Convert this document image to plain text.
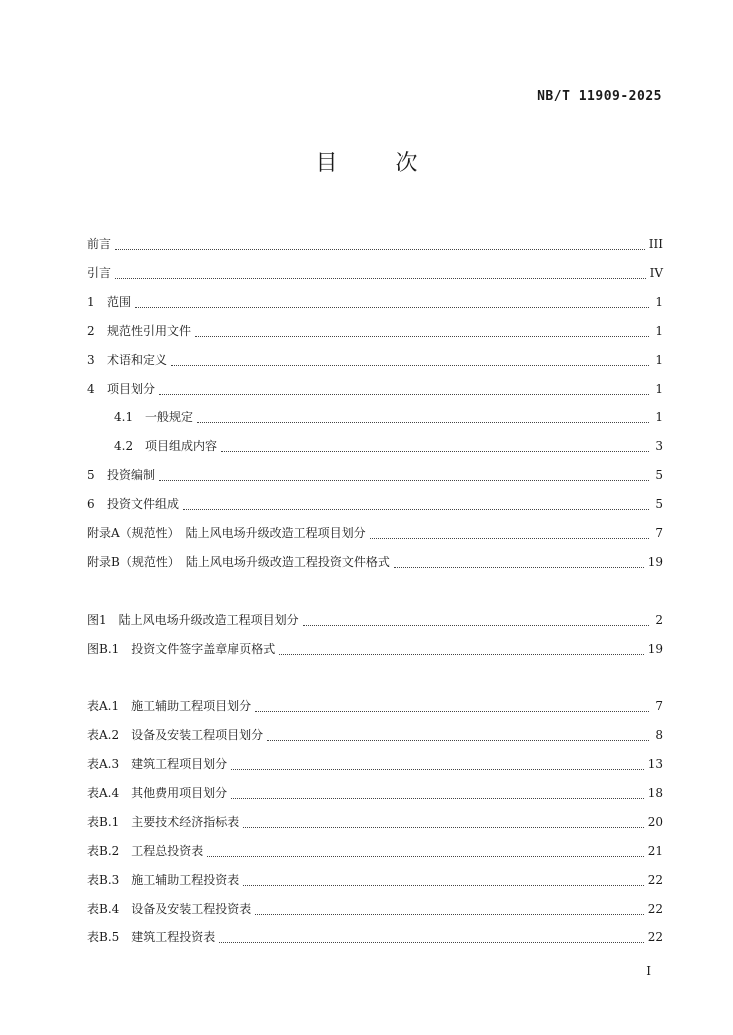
NB/T 11909-2025
目　次
前言	III
引言	IV
1	范围	1
2	规范性引用文件	1
3	术语和定义	1
4	项目划分	1
4.1 一般规定	1
4.2 项目组成内容	3
5	投资编制	5
6	投资文件组成	5
附录A（规范性）　陆上风电场升级改造工程项目划分	7
附录B（规范性）　陆上风电场升级改造工程投资文件格式	19
图1　陆上风电场升级改造工程项目划分	2
图B.1　投资文件签字盖章扉页格式	19
表A.1　施工辅助工程项目划分	7
表A.2　设备及安装工程项目划分	8
表A.3　建筑工程项目划分	13
表A.4　其他费用项目划分	18
表B.1　主要技术经济指标表	20
表B.2　工程总投资表	21
表B.3　施工辅助工程投资表	22
表B.4　设备及安装工程投资表	22
表B.5　建筑工程投资表	22
I
